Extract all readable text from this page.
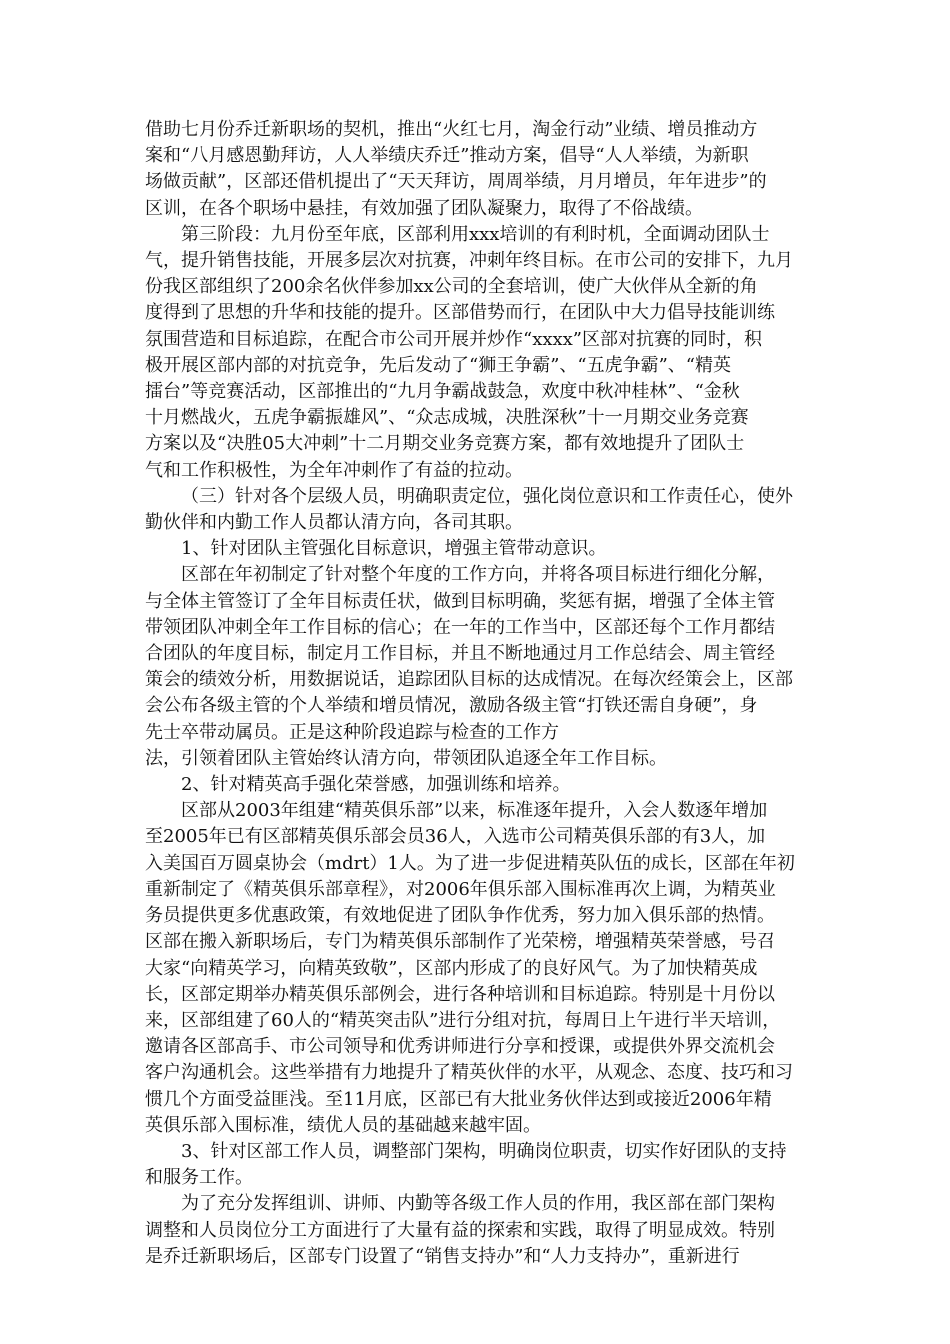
借助七月份乔迁新职场的契机，推出“火红七月，淘金行动”业绩、增员推动方
案和“八月感恩勤拜访，人人举绩庆乔迁”推动方案，倡导“人人举绩，为新职
场做贡献”，区部还借机提出了“天天拜访，周周举绩，月月增员，年年进步”的
区训，在各个职场中悬挂，有效加强了团队凝聚力，取得了不俗战绩。
第三阶段：九月份至年底，区部利用xxx培训的有利时机，全面调动团队士
气，提升销售技能，开展多层次对抗赛，冲刺年终目标。在市公司的安排下，九月
份我区部组织了200余名伙伴参加xx公司的全套培训，使广大伙伴从全新的角
度得到了思想的升华和技能的提升。区部借势而行，在团队中大力倡导技能训练
氛围营造和目标追踪，在配合市公司开展并炒作“xxxx”区部对抗赛的同时，积
极开展区部内部的对抗竞争，先后发动了“狮王争霸”、“五虎争霸”、“精英
擂台”等竞赛活动，区部推出的“九月争霸战鼓急，欢度中秋冲桂林”、“金秋
十月燃战火，五虎争霸振雄风”、“众志成城，决胜深秋”十一月期交业务竞赛
方案以及“决胜05大冲刺”十二月期交业务竞赛方案，都有效地提升了团队士
气和工作积极性，为全年冲刺作了有益的拉动。
（三）针对各个层级人员，明确职责定位，强化岗位意识和工作责任心，使外
勤伙伴和内勤工作人员都认清方向，各司其职。
1、针对团队主管强化目标意识，增强主管带动意识。
区部在年初制定了针对整个年度的工作方向，并将各项目标进行细化分解，
与全体主管签订了全年目标责任状，做到目标明确，奖惩有据，增强了全体主管
带领团队冲刺全年工作目标的信心；在一年的工作当中，区部还每个工作月都结
合团队的年度目标，制定月工作目标，并且不断地通过月工作总结会、周主管经
策会的绩效分析，用数据说话，追踪团队目标的达成情况。在每次经策会上，区部
会公布各级主管的个人举绩和增员情况，激励各级主管“打铁还需自身硬”，身
先士卒带动属员。正是这种阶段追踪与检查的工作方
法，引领着团队主管始终认清方向，带领团队追逐全年工作目标。
2、针对精英高手强化荣誉感，加强训练和培养。
区部从2003年组建“精英俱乐部”以来，标准逐年提升，入会人数逐年增加
至2005年已有区部精英俱乐部会员36人，入选市公司精英俱乐部的有3人，加
入美国百万圆桌协会（mdrt）1人。为了进一步促进精英队伍的成长，区部在年初
重新制定了《精英俱乐部章程》，对2006年俱乐部入围标准再次上调，为精英业
务员提供更多优惠政策，有效地促进了团队争作优秀，努力加入俱乐部的热情。
区部在搬入新职场后，专门为精英俱乐部制作了光荣榜，增强精英荣誉感，号召
大家“向精英学习，向精英致敬”，区部内形成了的良好风气。为了加快精英成
长，区部定期举办精英俱乐部例会，进行各种培训和目标追踪。特别是十月份以
来，区部组建了60人的“精英突击队”进行分组对抗，每周日上午进行半天培训，
邀请各区部高手、市公司领导和优秀讲师进行分享和授课，或提供外界交流机会
客户沟通机会。这些举措有力地提升了精英伙伴的水平，从观念、态度、技巧和习
惯几个方面受益匪浅。至11月底，区部已有大批业务伙伴达到或接近2006年精
英俱乐部入围标准，绩优人员的基础越来越牢固。
3、针对区部工作人员，调整部门架构，明确岗位职责，切实作好团队的支持
和服务工作。
为了充分发挥组训、讲师、内勤等各级工作人员的作用，我区部在部门架构
调整和人员岗位分工方面进行了大量有益的探索和实践，取得了明显成效。特别
是乔迁新职场后，区部专门设置了“销售支持办”和“人力支持办”，重新进行
